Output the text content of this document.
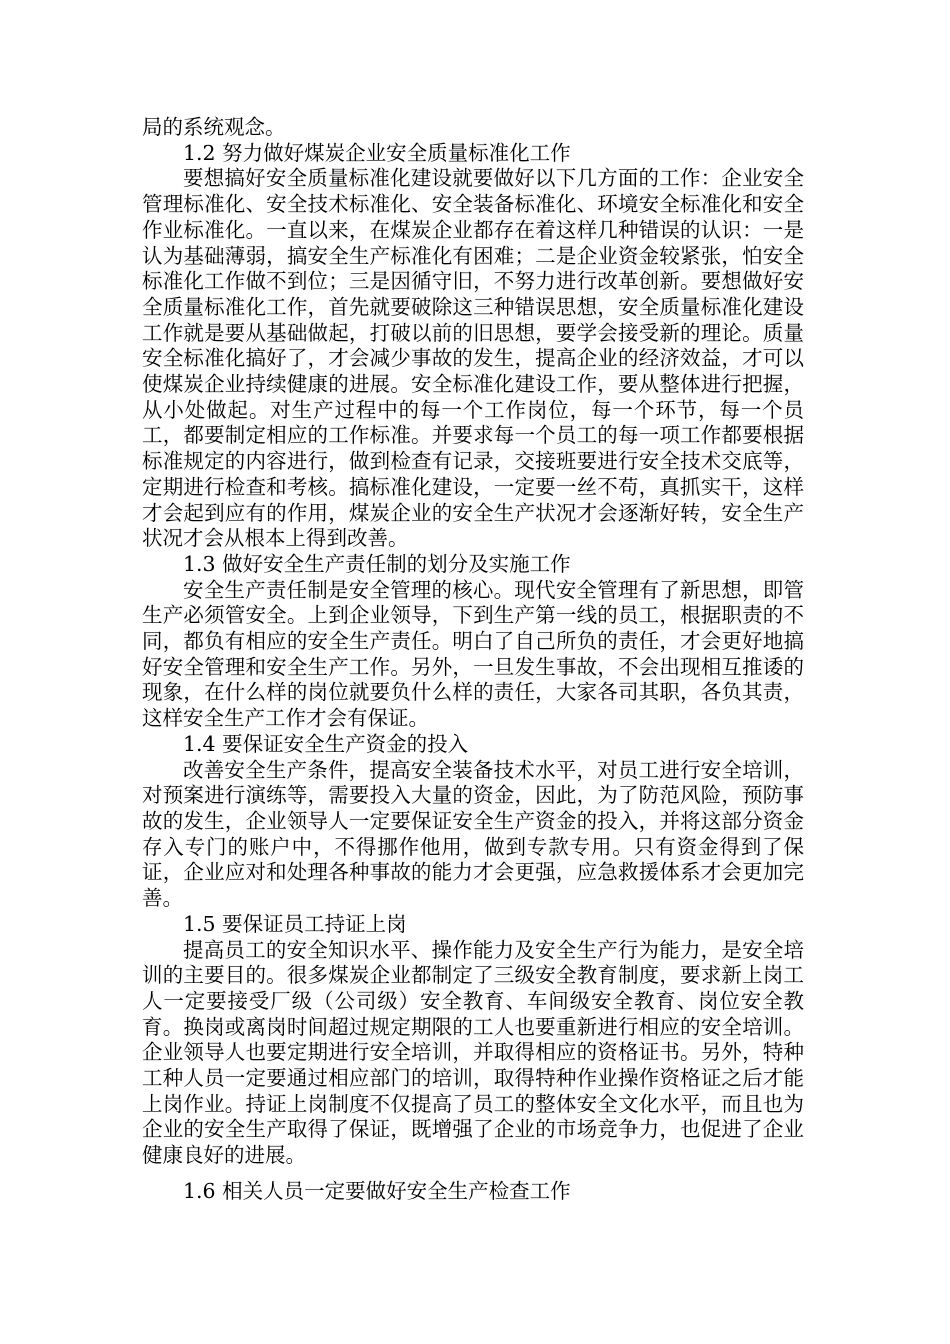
局的系统观念。

1.2 努力做好煤炭企业安全质量标准化工作

要想搞好安全质量标准化建设就要做好以下几方面的工作：企业安全管理标准化、安全技术标准化、安全装备标准化、环境安全标准化和安全作业标准化。一直以来，在煤炭企业都存在着这样几种错误的认识：一是认为基础薄弱，搞安全生产标准化有困难；二是企业资金较紧张，怕安全标准化工作做不到位；三是因循守旧，不努力进行改革创新。要想做好安全质量标准化工作，首先就要破除这三种错误思想，安全质量标准化建设工作就是要从基础做起，打破以前的旧思想，要学会接受新的理论。质量安全标准化搞好了，才会减少事故的发生，提高企业的经济效益，才可以使煤炭企业持续健康的进展。安全标准化建设工作，要从整体进行把握，从小处做起。对生产过程中的每一个工作岗位，每一个环节，每一个员工，都要制定相应的工作标准。并要求每一个员工的每一项工作都要根据标准规定的内容进行，做到检查有记录，交接班要进行安全技术交底等，定期进行检查和考核。搞标准化建设，一定要一丝不苟，真抓实干，这样才会起到应有的作用，煤炭企业的安全生产状况才会逐渐好转，安全生产状况才会从根本上得到改善。

1.3 做好安全生产责任制的划分及实施工作

安全生产责任制是安全管理的核心。现代安全管理有了新思想，即管生产必须管安全。上到企业领导，下到生产第一线的员工，根据职责的不同，都负有相应的安全生产责任。明白了自己所负的责任，才会更好地搞好安全管理和安全生产工作。另外，一旦发生事故，不会出现相互推诿的现象，在什么样的岗位就要负什么样的责任，大家各司其职，各负其责，这样安全生产工作才会有保证。

1.4 要保证安全生产资金的投入

改善安全生产条件，提高安全装备技术水平，对员工进行安全培训，对预案进行演练等，需要投入大量的资金，因此，为了防范风险，预防事故的发生，企业领导人一定要保证安全生产资金的投入，并将这部分资金存入专门的账户中，不得挪作他用，做到专款专用。只有资金得到了保证，企业应对和处理各种事故的能力才会更强，应急救援体系才会更加完善。

1.5 要保证员工持证上岗

提高员工的安全知识水平、操作能力及安全生产行为能力，是安全培训的主要目的。很多煤炭企业都制定了三级安全教育制度，要求新上岗工人一定要接受厂级（公司级）安全教育、车间级安全教育、岗位安全教育。换岗或离岗时间超过规定期限的工人也要重新进行相应的安全培训。企业领导人也要定期进行安全培训，并取得相应的资格证书。另外，特种工种人员一定要通过相应部门的培训，取得特种作业操作资格证之后才能上岗作业。持证上岗制度不仅提高了员工的整体安全文化水平，而且也为企业的安全生产取得了保证，既增强了企业的市场竞争力，也促进了企业健康良好的进展。

1.6 相关人员一定要做好安全生产检查工作
